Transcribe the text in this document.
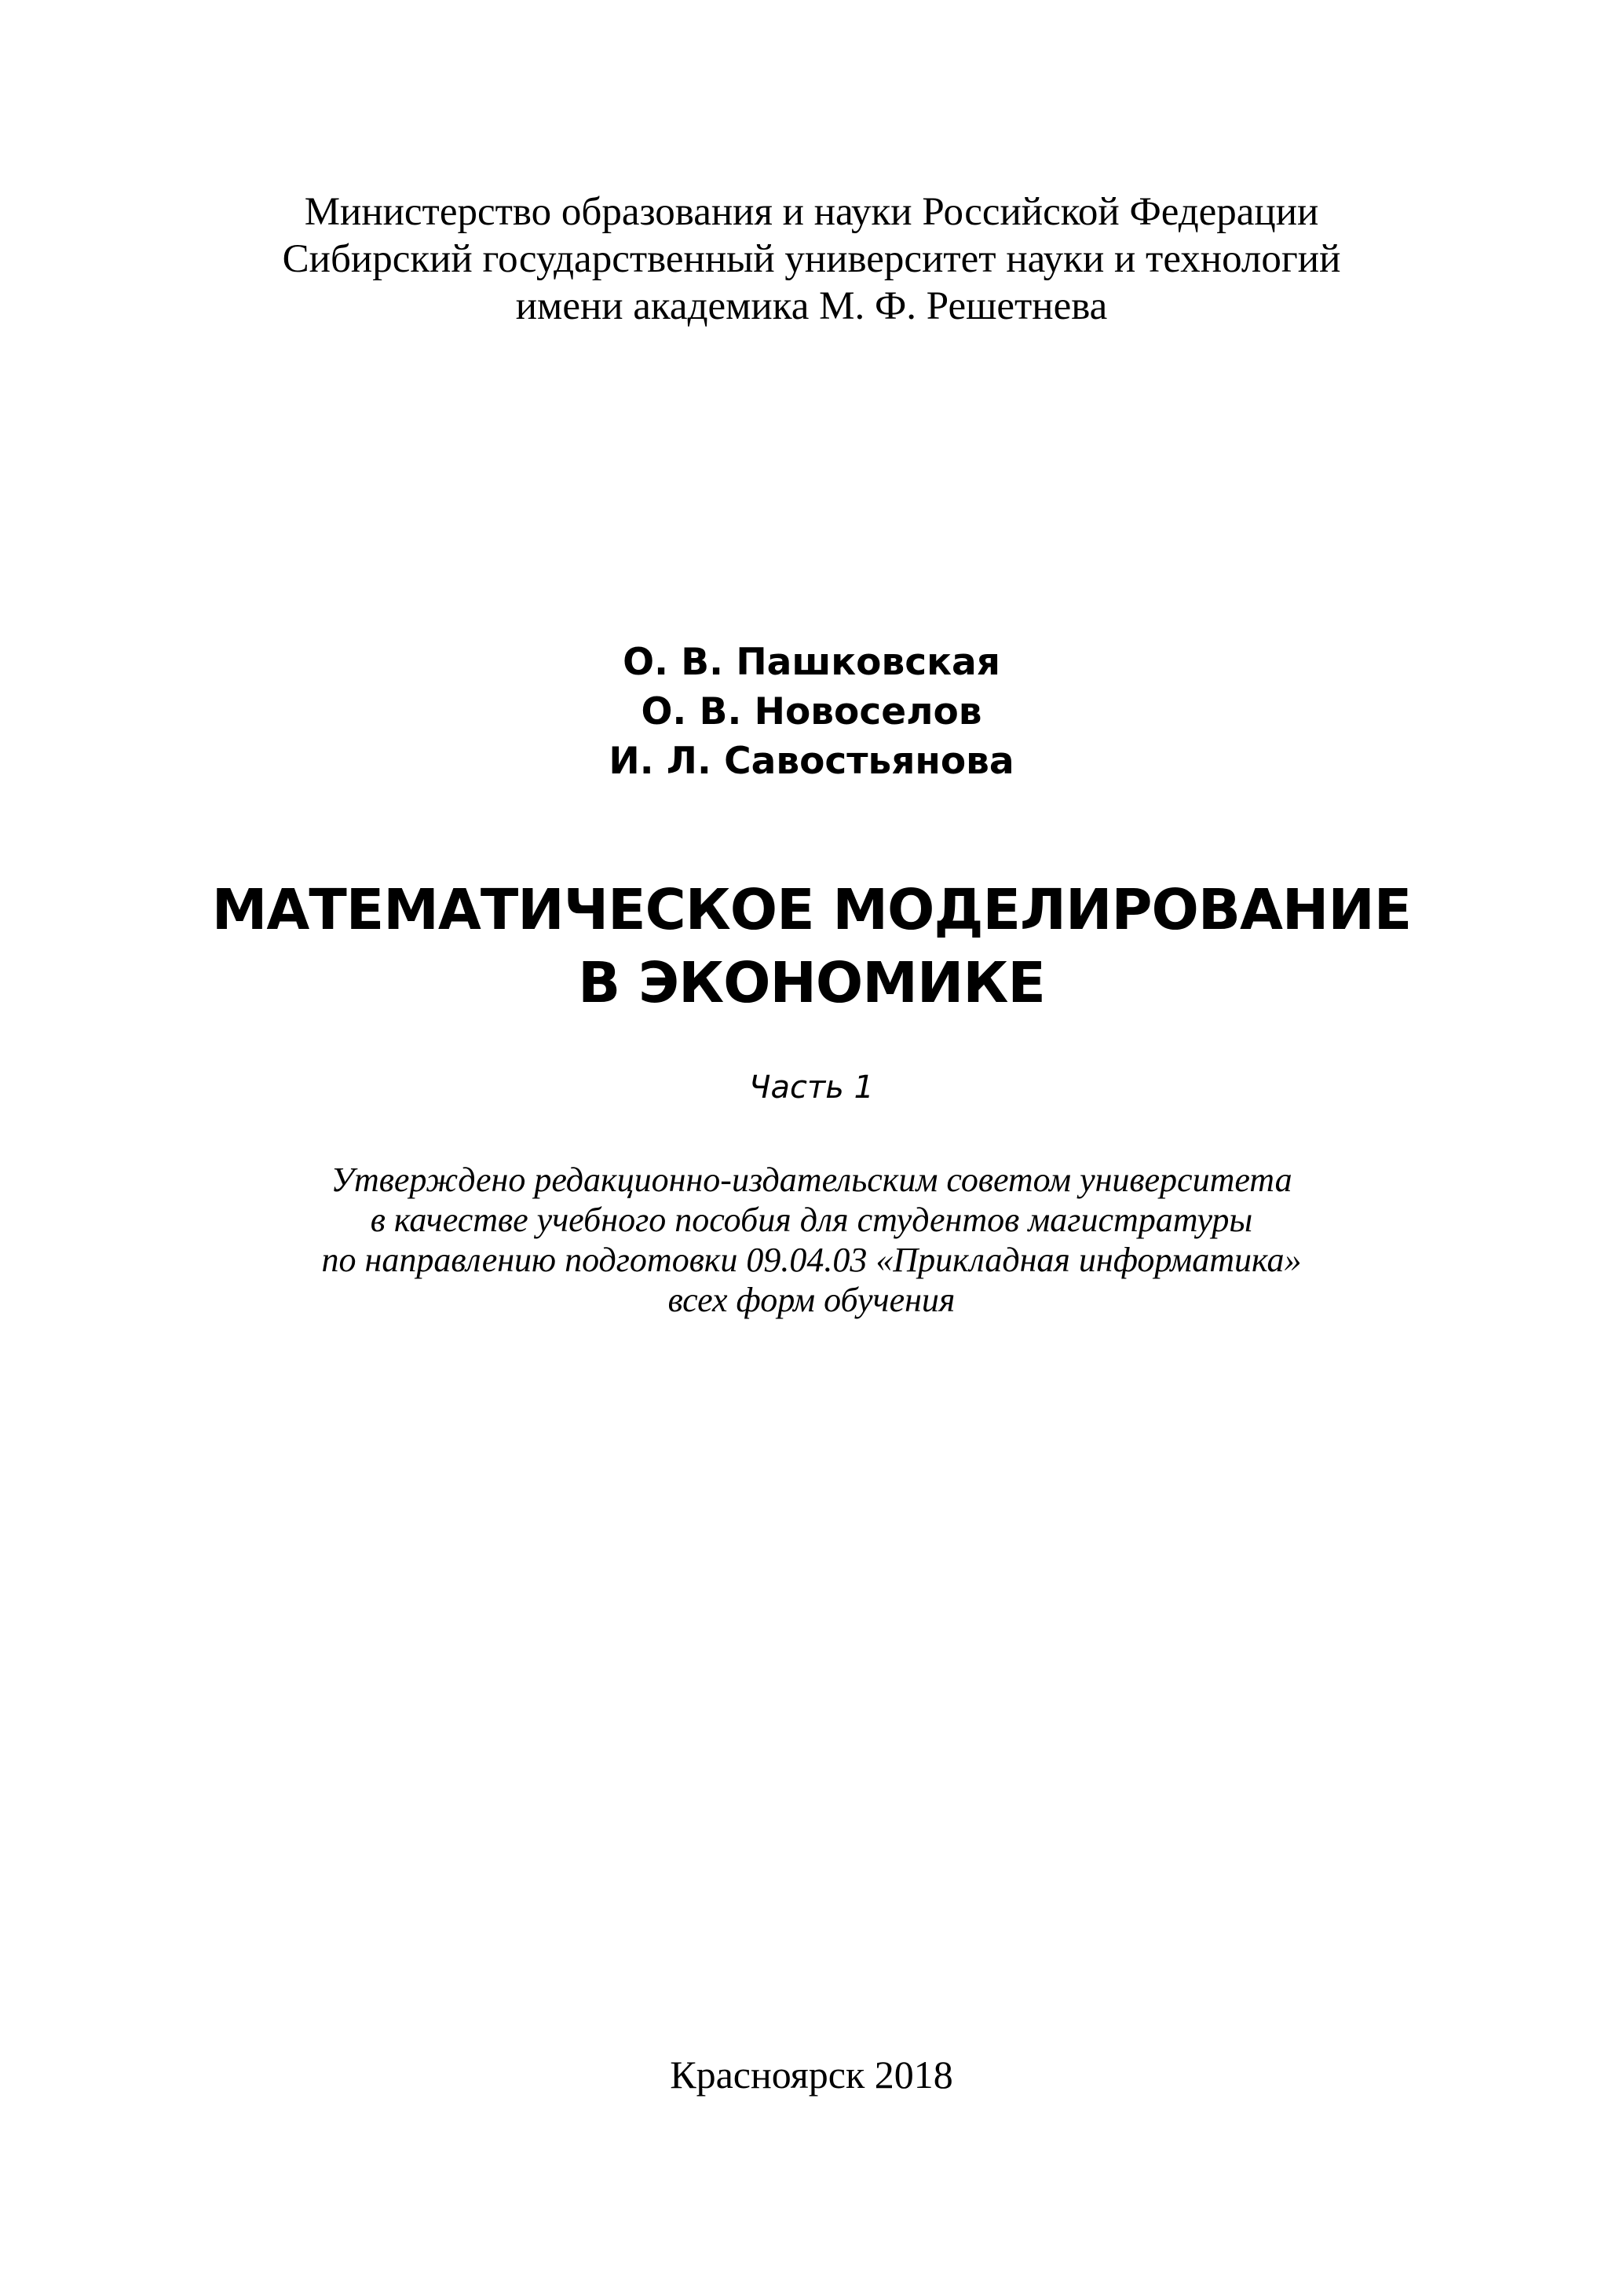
Министерство образования и науки Российской Федерации
Сибирский государственный университет науки и технологий
имени академика М. Ф. Решетнева
О. В. Пашковская
О. В. Новоселов
И. Л. Савостьянова
МАТЕМАТИЧЕСКОЕ МОДЕЛИРОВАНИЕ
В ЭКОНОМИКЕ
Часть 1
Утверждено редакционно-издательским советом университета
в качестве учебного пособия для студентов магистратуры
по направлению подготовки 09.04.03 «Прикладная информатика»
всех форм обучения
Красноярск 2018
